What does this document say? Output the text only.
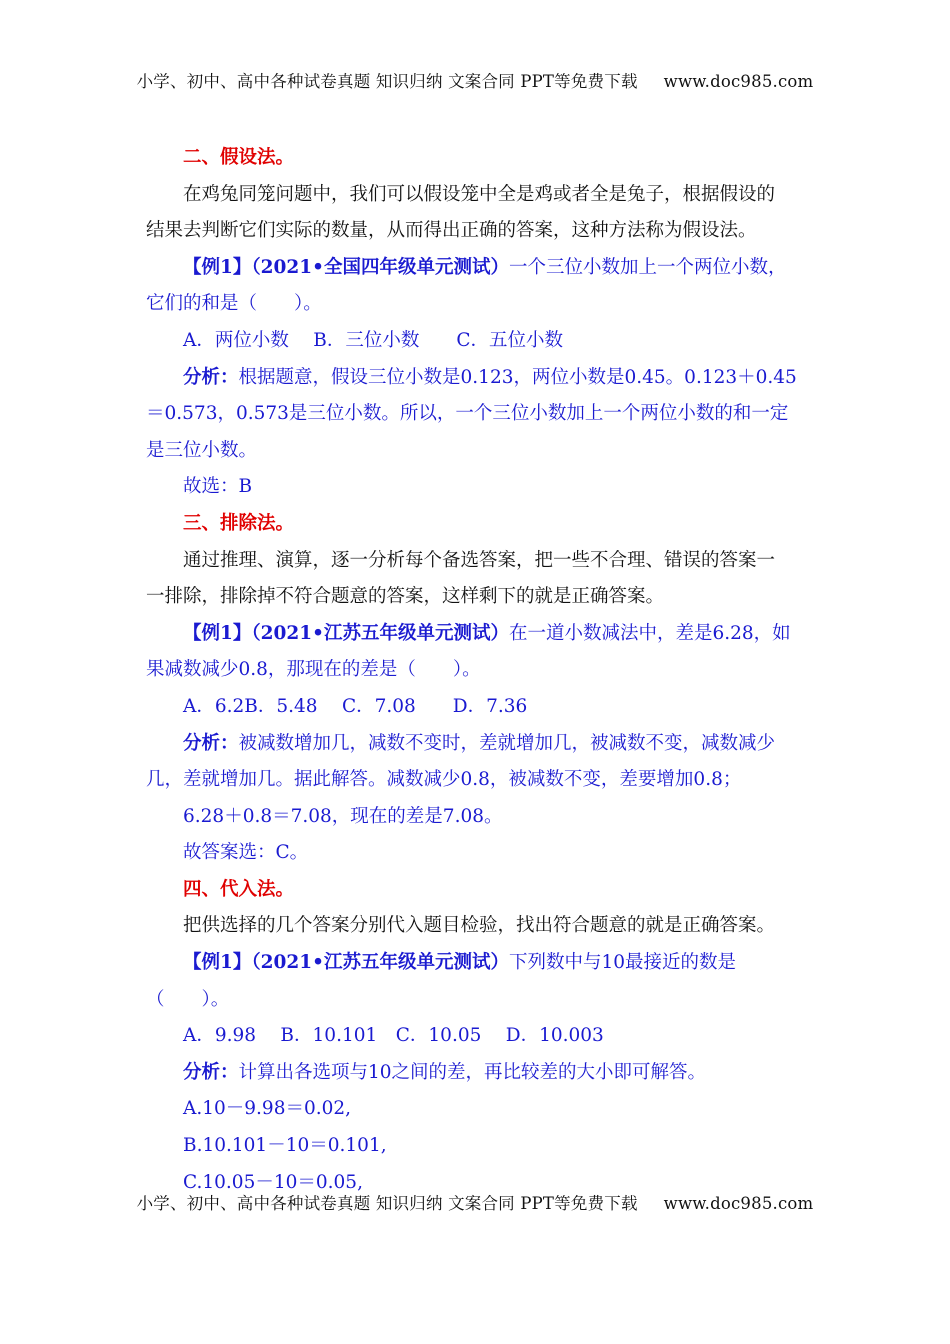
小学、初中、高中各种试卷真题 知识归纳 文案合同 PPT等免费下载 www.doc985.com
二、假设法。
在鸡兔同笼问题中，我们可以假设笼中全是鸡或者全是兔子，根据假设的
结果去判断它们实际的数量，从而得出正确的答案，这种方法称为假设法。
【例1】（2021•全国四年级单元测试）一个三位小数加上一个两位小数，
它们的和是（　　）。
A．两位小数　 B．三位小数　　C．五位小数
分析：根据题意，假设三位小数是0.123，两位小数是0.45。0.123＋0.45
＝0.573，0.573是三位小数。所以，一个三位小数加上一个两位小数的和一定
是三位小数。
故选：B
三、排除法。
通过推理、演算，逐一分析每个备选答案，把一些不合理、错误的答案一
一排除，排除掉不符合题意的答案，这样剩下的就是正确答案。
【例1】（2021•江苏五年级单元测试）在一道小数减法中，差是6.28，如
果减数减少0.8，那现在的差是（　　）。
A．6.2B．5.48　 C．7.08　　D．7.36
分析：被减数增加几，减数不变时，差就增加几，被减数不变，减数减少
几，差就增加几。据此解答。减数减少0.8，被减数不变，差要增加0.8；
6.28＋0.8＝7.08，现在的差是7.08。
故答案选：C。
四、代入法。
把供选择的几个答案分别代入题目检验，找出符合题意的就是正确答案。
【例1】（2021•江苏五年级单元测试）下列数中与10最接近的数是
（　　）。
A．9.98　 B．10.101　C．10.05　 D．10.003
分析：计算出各选项与10之间的差，再比较差的大小即可解答。
A.10－9.98＝0.02,
B.10.101－10＝0.101,
C.10.05－10＝0.05,
小学、初中、高中各种试卷真题 知识归纳 文案合同 PPT等免费下载 www.doc985.com
